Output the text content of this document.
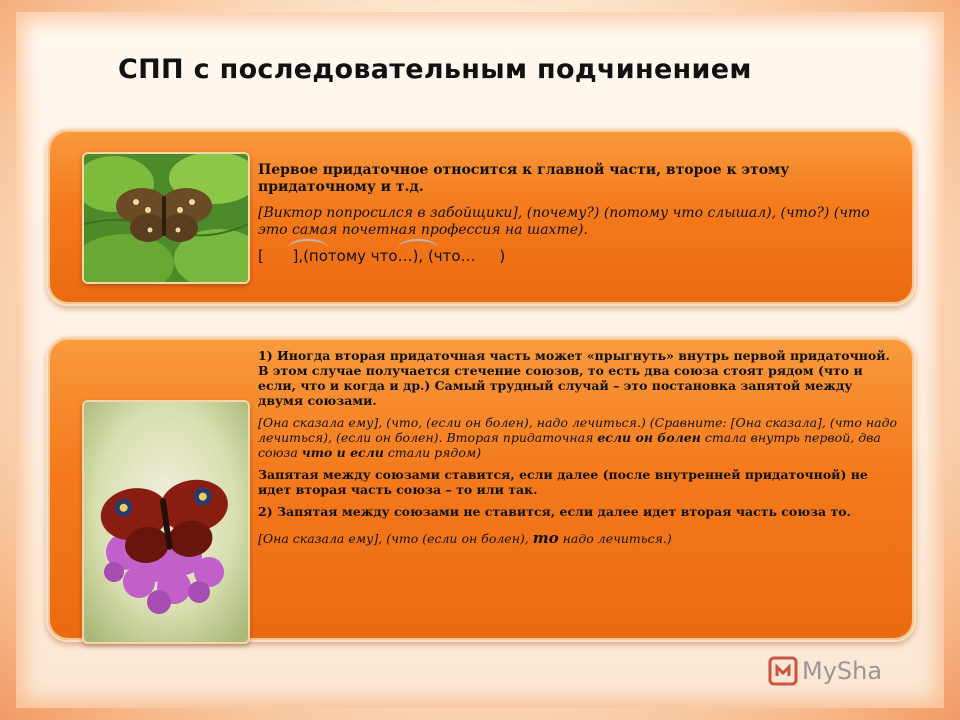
СПП с последовательным подчинением

Первое придаточное относится к главной части, второе к этому придаточному и т.д.

[Виктор попросился в забойщики], (почему?) (потому что слышал), (что?) (что это самая почетная профессия на шахте).

[      ],(потому что…), (что…     )

1) Иногда вторая придаточная часть может «прыгнуть» внутрь первой придаточной. В этом случае получается стечение союзов, то есть два союза стоят рядом (что и если, что и когда и др.) Самый трудный случай – это постановка запятой между двумя союзами.

[Она сказала ему], (что, (если он болен), надо лечиться.) (Сравните: [Она сказала], (что надо лечиться), (если он болен). Вторая придаточная если он болен стала внутрь первой, два союза что и если стали рядом)

Запятая между союзами ставится, если далее (после внутренней придаточной) не идет вторая часть союза – то или так.

2) Запятая между союзами не ставится, если далее идет вторая часть союза то.

[Она сказала ему], (что (если он болен), то надо лечиться.)

MySha
